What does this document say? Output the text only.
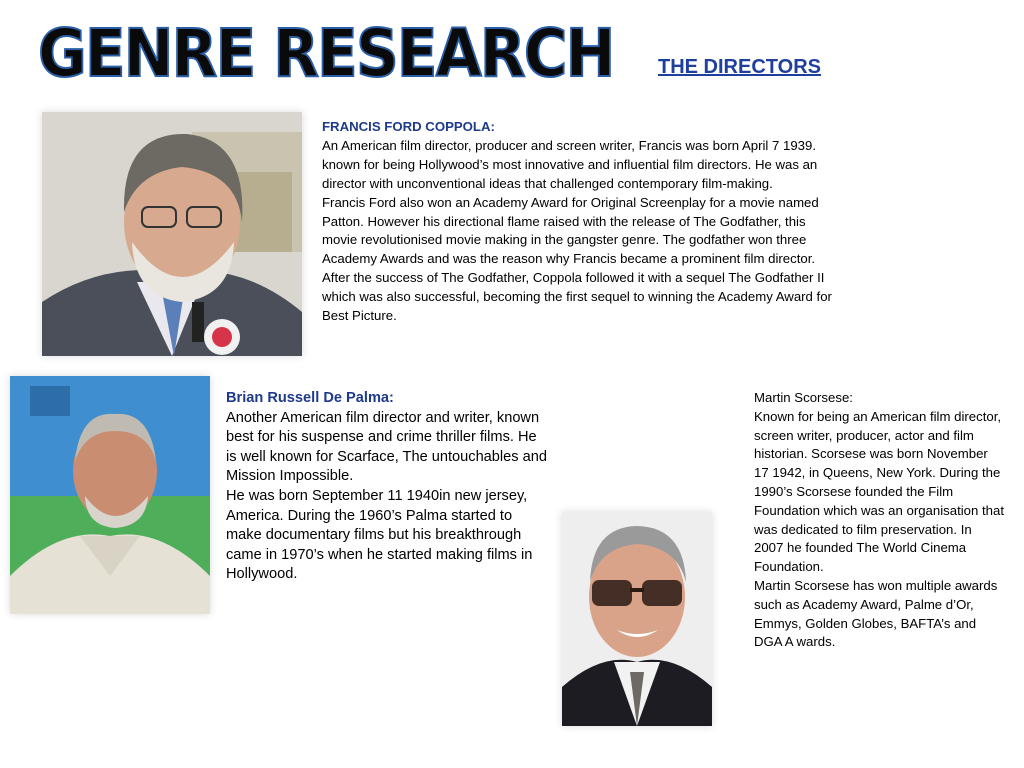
GENRE RESEARCH THE DIRECTORS

FRANCIS FORD COPPOLA:

An American film director, producer and screen writer, Francis was born April 7 1939. known for being Hollywood’s most innovative and influential film directors. He was an director with unconventional ideas that challenged contemporary film-making.

Francis Ford also won an Academy Award for Original Screenplay for a movie named Patton. However his directional flame raised with the release of The Godfather, this movie revolutionised movie making in the gangster genre. The godfather won three Academy Awards and was the reason why Francis became a prominent film director.

After the success of The Godfather, Coppola followed it with a sequel The Godfather II which was also successful, becoming the first sequel to winning the Academy Award for Best Picture.

Brian Russell De Palma:

Another American film director and writer, known best for his suspense and crime thriller films. He is well known for Scarface, The untouchables and Mission Impossible.

He was born September 11 1940in new jersey, America. During the 1960’s Palma started to make documentary films but his breakthrough came in 1970’s when he started making films in Hollywood.

Martin Scorsese:

Known for being an American film director, screen writer, producer, actor and film historian. Scorsese was born November 17 1942, in Queens, New York. During the 1990’s Scorsese founded the Film Foundation which was an organisation that was dedicated to film preservation. In 2007 he founded The World Cinema Foundation.

Martin Scorsese has won multiple awards such as Academy Award, Palme d’Or, Emmys, Golden Globes, BAFTA’s and DGA A wards.
